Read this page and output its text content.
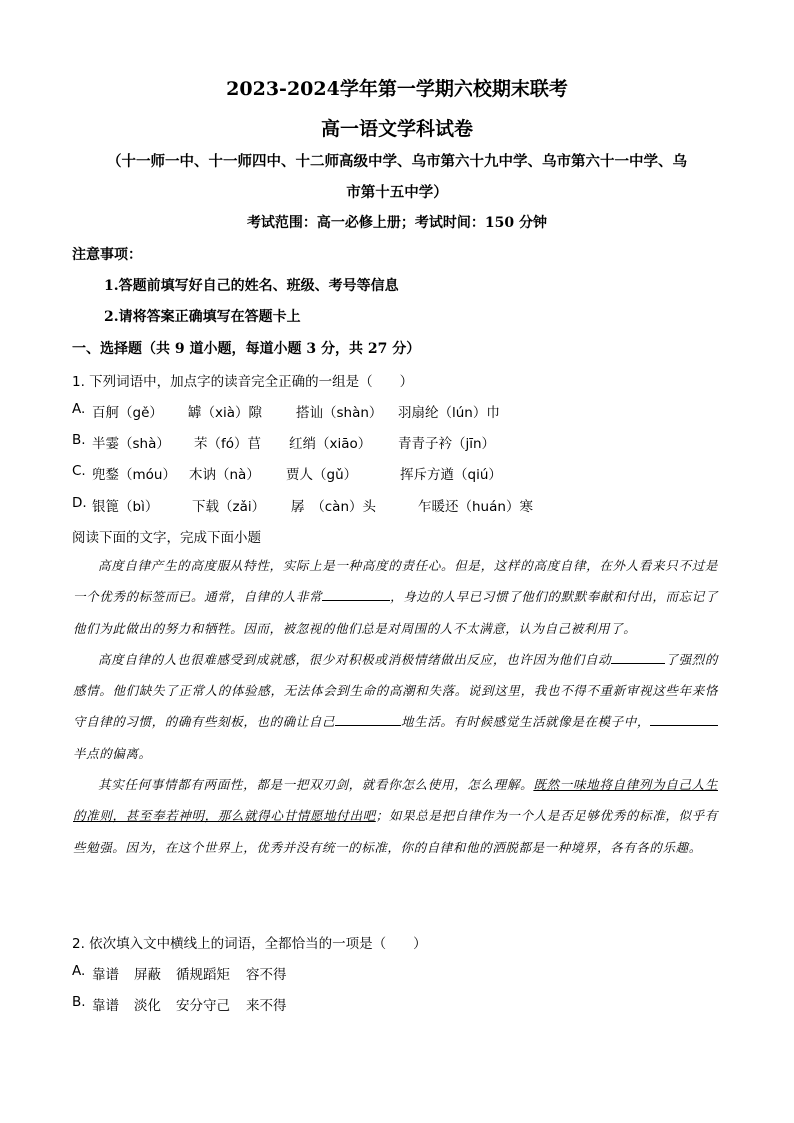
2023-2024学年第一学期六校期末联考
高一语文学科试卷
（十一师一中、十一师四中、十二师高级中学、乌市第六十九中学、乌市第六十一中学、乌
市第十五中学）
考试范围：高一必修上册；考试时间：150 分钟
注意事项：
1.答题前填写好自己的姓名、班级、考号等信息
2.请将答案正确填写在答题卡上
一、选择题（共 9 道小题，每道小题 3 分，共 27 分）
1. 下列词语中，加点字的读音完全正确的一组是（　　）
A. 百舸（gě） 罅（xià）隙	搭讪（shàn） 羽扇纶（lún）巾
B. 半霎（shà） 芣（fó）苢 红绡（xiāo） 青青子衿（jīn）
C. 兜鍪（móu） 木讷（nà） 贾人（gǔ）	挥斥方遒（qiú）
D. 银篦（bì） 下载（zǎi） 孱　（càn）头	乍暖还（huán）寒
阅读下面的文字，完成下面小题

高度自律产生的高度服从特性，实际上是一种高度的责任心。但是，这样的高度自律，在外人看来只不过是一个优秀的标签而已。通常，自律的人非常	，身边的人早已习惯了他们的默默奉献和付出，而忘记了他们为此做出的努力和牺牲。因而，被忽视的他们总是对周围的人不太满意，认为自己被利用了。

高度自律的人也很难感受到成就感，很少对积极或消极情绪做出反应，也许因为他们自动	了强烈的感情。他们缺失了正常人的体验感，无法体会到生命的高潮和失落。说到这里，我也不得不重新审视这些年来恪守自律的习惯，的确有些刻板，也的确让自己	地生活。有时候感觉生活就像是在模子中，半点的偏离。

其实任何事情都有两面性，都是一把双刃剑，就看你怎么使用，怎么理解。既然一味地将自律列为自己人生的准则，甚至奉若神明，那么就得心甘情愿地付出吧；如果总是把自律作为一个人是否足够优秀的标准，似乎有些勉强。因为，在这个世界上，优秀并没有统一的标准，你的自律和他的洒脱都是一种境界，各有各的乐趣。

2. 依次填入文中横线上的词语，全都恰当的一项是（　　）
A. 靠谱 屏蔽 循规蹈矩 容不得
B. 靠谱 淡化 安分守己 来不得
